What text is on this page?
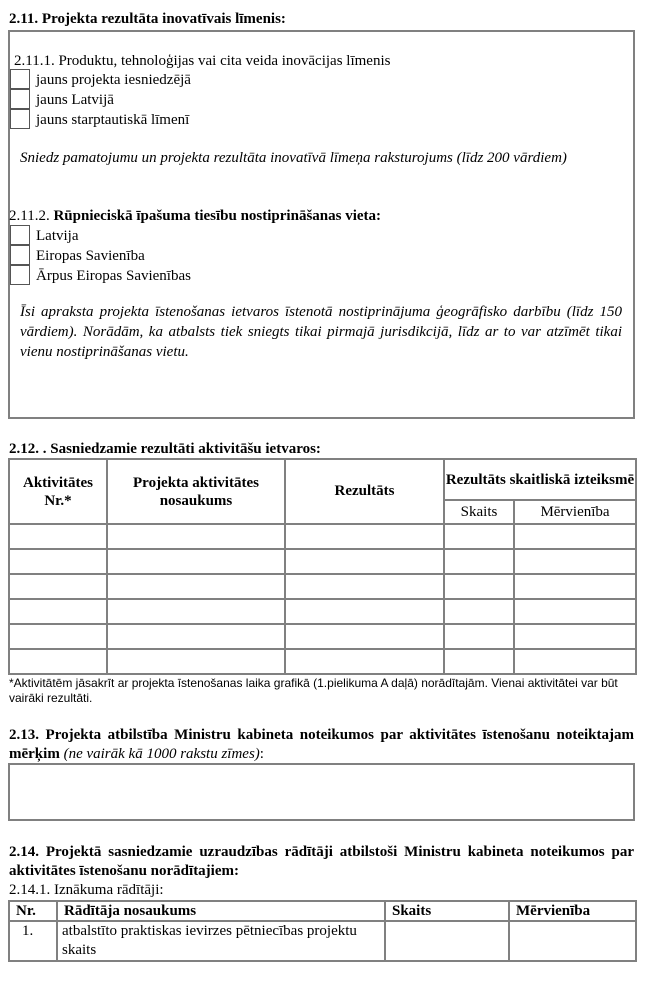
2.11. Projekta rezultāta inovatīvais līmenis:
2.11.1. Produktu, tehnoloģijas vai cita veida inovācijas līmenis
jauns projekta iesniedzējā
jauns Latvijā
jauns starptautiskā līmenī
Sniedz pamatojumu un projekta rezultāta inovatīvā līmeņa raksturojums (līdz 200 vārdiem)
2.11.2. Rūpnieciskā īpašuma tiesību nostiprināšanas vieta:
Latvija
Eiropas Savienība
Ārpus Eiropas Savienības
Īsi apraksta projekta īstenošanas ietvaros īstenotā nostiprinājuma ģeogrāfisko darbību (līdz 150 vārdiem). Norādām, ka atbalsts tiek sniegts tikai pirmajā jurisdikcijā, līdz ar to var atzīmēt tikai vienu nostiprināšanas vietu.
2.12. . Sasniedzamie rezultāti aktivitāšu ietvaros:
Aktivitātes Nr.*	Projekta aktivitātes nosaukums	Rezultāts	Rezultāts skaitliskā izteiksmē	
			Skaits	Mērvienība

*Aktivitātēm jāsakrīt ar projekta īstenošanas laika grafikā (1.pielikuma A daļā) norādītajām. Vienai aktivitātei var būt vairāki rezultāti.
2.13. Projekta atbilstība Ministru kabineta noteikumos par aktivitātes īstenošanu noteiktajam mērķim (ne vairāk kā 1000 rakstu zīmes):
2.14. Projektā sasniedzamie uzraudzības rādītāji atbilstoši Ministru kabineta noteikumos par aktivitātes īstenošanu norādītajiem:
2.14.1. Iznākuma rādītāji:
Nr.	Rādītāja nosaukums	Skaits	Mērvienība
1.	atbalstīto praktiskas ievirzes pētniecības projektu skaits		
